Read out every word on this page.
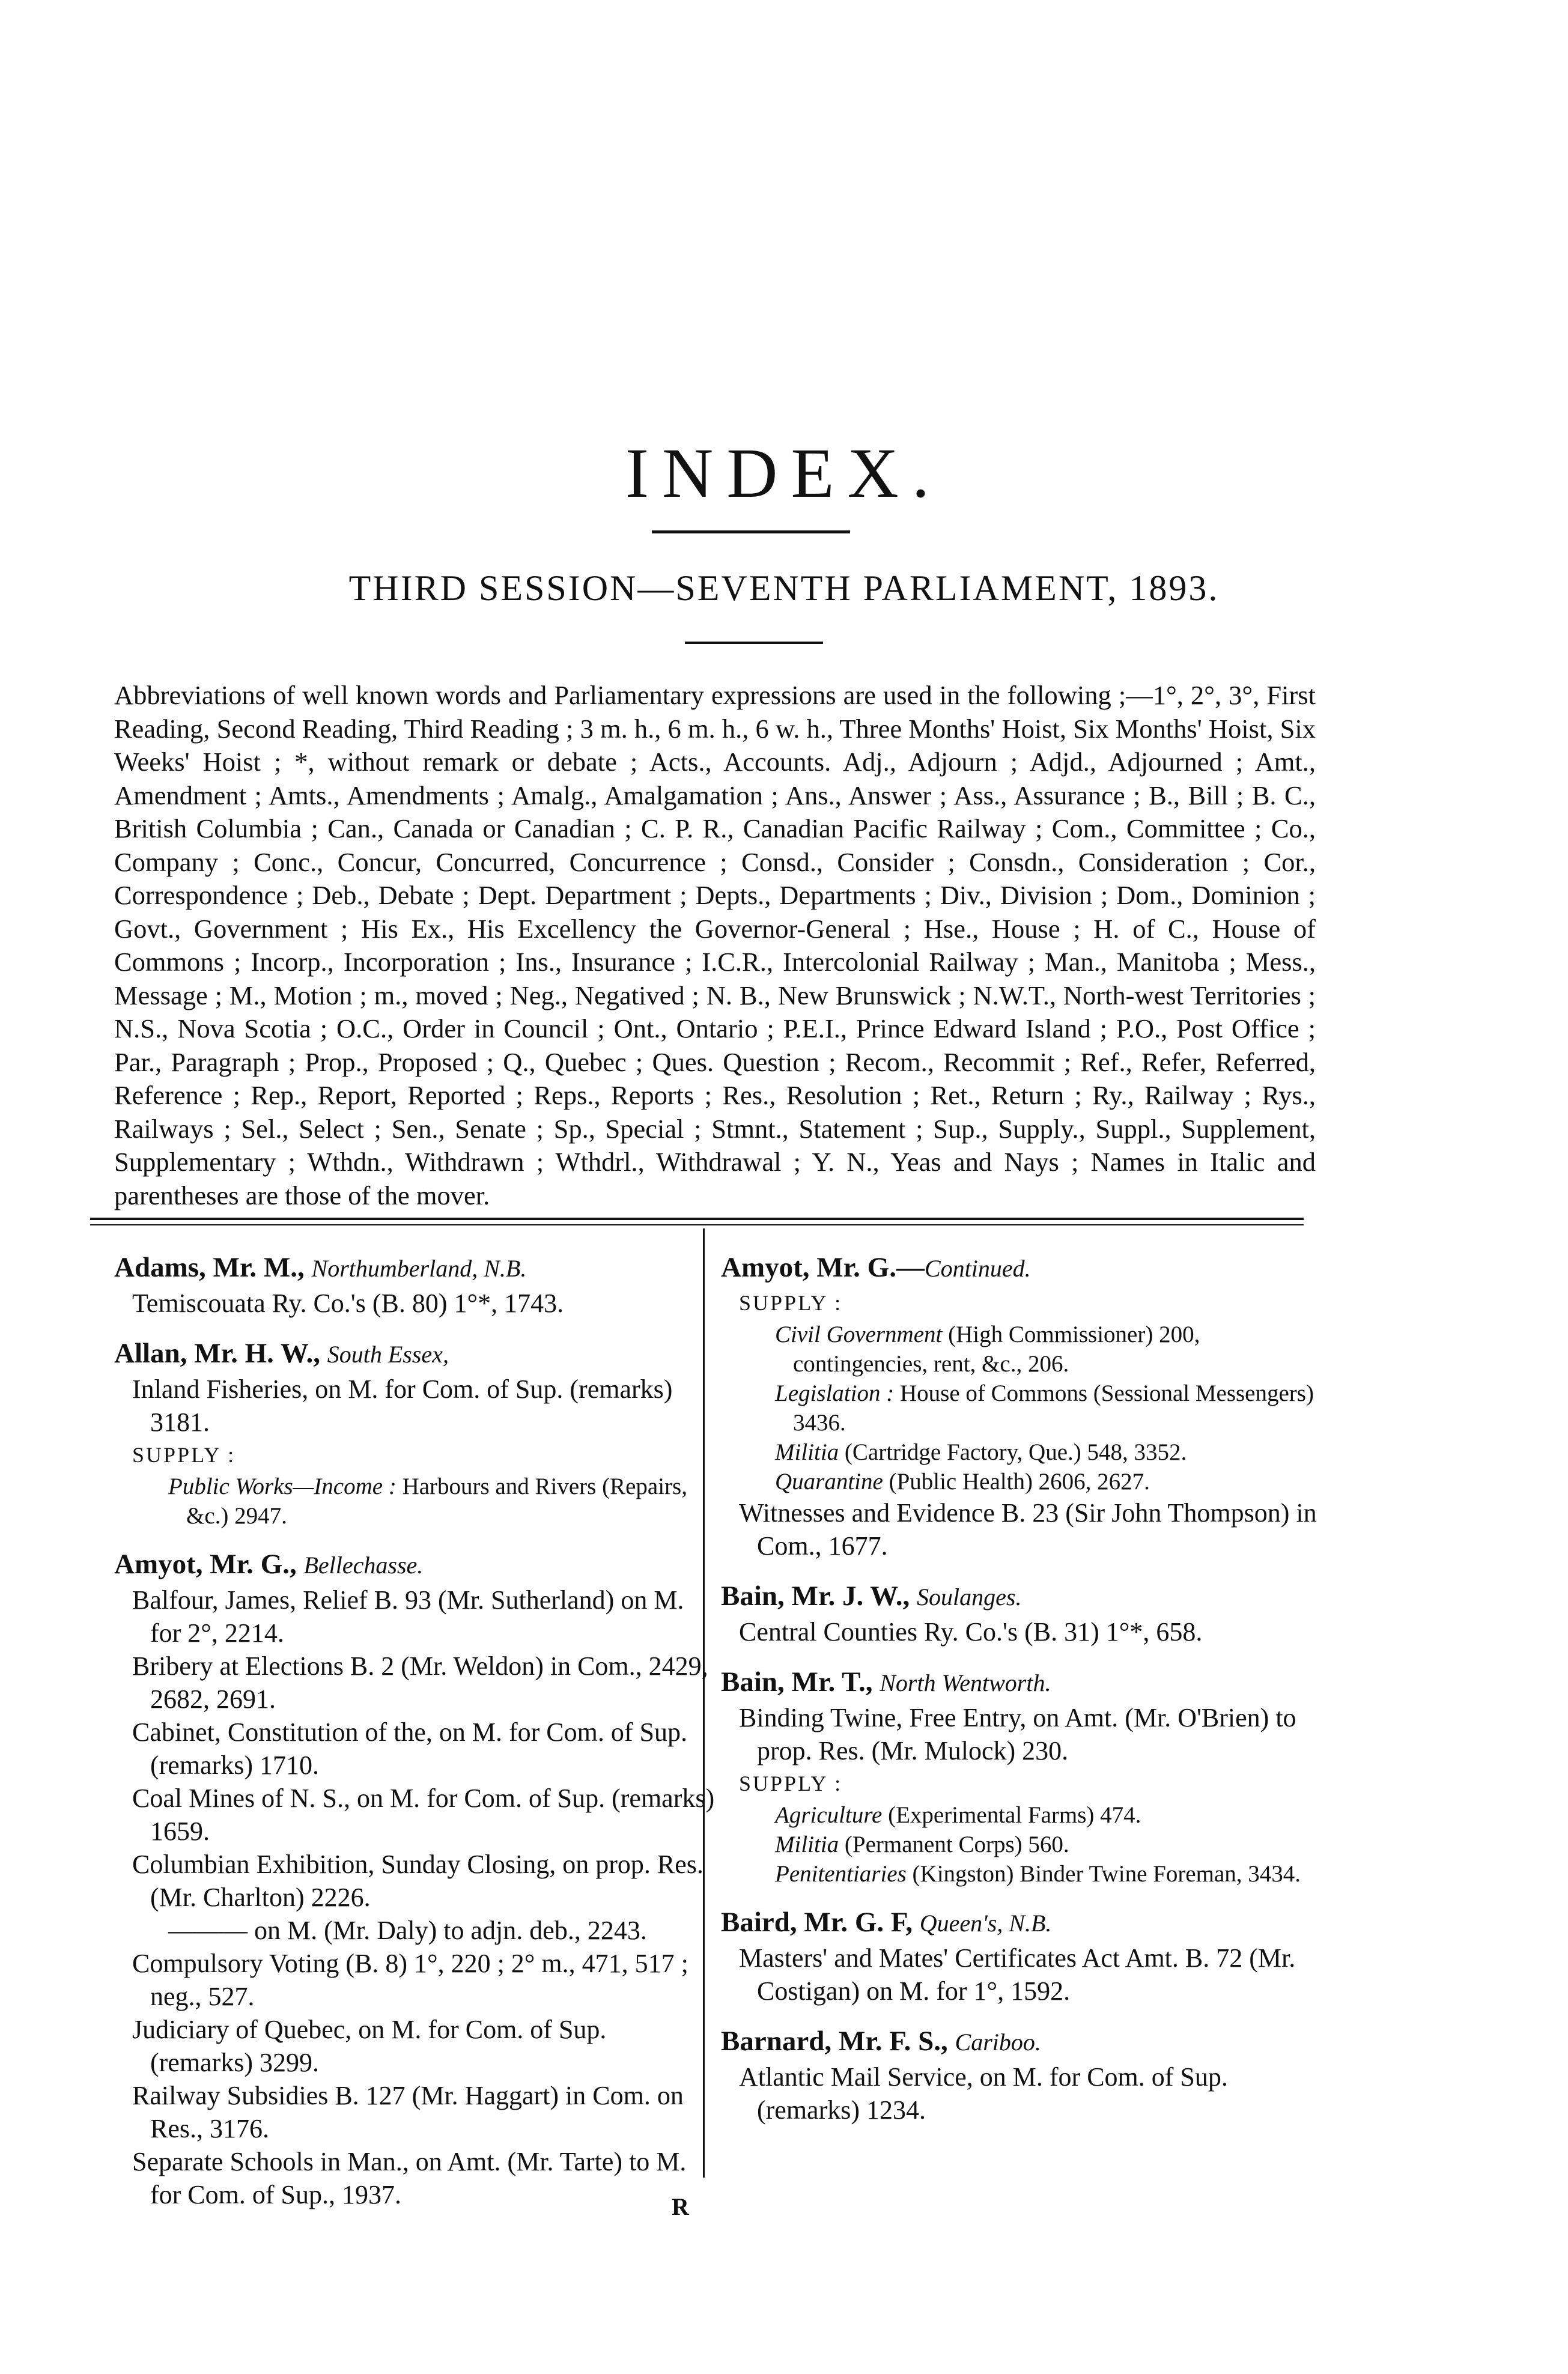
INDEX.
THIRD SESSION—SEVENTH PARLIAMENT, 1893.
Abbreviations of well known words and Parliamentary expressions are used in the following ;—1°, 2°, 3°, First Reading, Second Reading, Third Reading ; 3 m. h., 6 m. h., 6 w. h., Three Months' Hoist, Six Months' Hoist, Six Weeks' Hoist ; *, without remark or debate ; Acts., Accounts. Adj., Adjourn ; Adjd., Adjourned ; Amt., Amendment ; Amts., Amendments ; Amalg., Amalgamation ; Ans., Answer ; Ass., Assurance ; B., Bill ; B. C., British Columbia ; Can., Canada or Canadian ; C. P. R., Canadian Pacific Railway ; Com., Committee ; Co., Company ; Conc., Concur, Concurred, Concurrence ; Consd., Consider ; Consdn., Consideration ; Cor., Correspondence ; Deb., Debate ; Dept. Department ; Depts., Departments ; Div., Division ; Dom., Dominion ; Govt., Government ; His Ex., His Excellency the Governor-General ; Hse., House ; H. of C., House of Commons ; Incorp., Incorporation ; Ins., Insurance ; I.C.R., Intercolonial Railway ; Man., Manitoba ; Mess., Message ; M., Motion ; m., moved ; Neg., Negatived ; N. B., New Brunswick ; N.W.T., North-west Territories ; N.S., Nova Scotia ; O.C., Order in Council ; Ont., Ontario ; P.E.I., Prince Edward Island ; P.O., Post Office ; Par., Paragraph ; Prop., Proposed ; Q., Quebec ; Ques. Question ; Recom., Recommit ; Ref., Refer, Referred, Reference ; Rep., Report, Reported ; Reps., Reports ; Res., Resolution ; Ret., Return ; Ry., Railway ; Rys., Railways ; Sel., Select ; Sen., Senate ; Sp., Special ; Stmnt., Statement ; Sup., Supply., Suppl., Supplement, Supplementary ; Wthdn., Withdrawn ; Wthdrl., Withdrawal ; Y. N., Yeas and Nays ; Names in Italic and parentheses are those of the mover.
Adams, Mr. M., Northumberland, N.B.
Temiscouata Ry. Co.'s (B. 80) 1°*, 1743.
Allan, Mr. H. W., South Essex,
Inland Fisheries, on M. for Com. of Sup. (remarks) 3181.
SUPPLY :
Public Works—Income : Harbours and Rivers (Repairs, &c.) 2947.
Amyot, Mr. G., Bellechasse.
Balfour, James, Relief B. 93 (Mr. Sutherland) on M. for 2°, 2214.
Bribery at Elections B. 2 (Mr. Weldon) in Com., 2429, 2682, 2691.
Cabinet, Constitution of the, on M. for Com. of Sup. (remarks) 1710.
Coal Mines of N. S., on M. for Com. of Sup. (remarks) 1659.
Columbian Exhibition, Sunday Closing, on prop. Res. (Mr. Charlton) 2226.
——— on M. (Mr. Daly) to adjn. deb., 2243.
Compulsory Voting (B. 8) 1°, 220 ; 2° m., 471, 517 ; neg., 527.
Judiciary of Quebec, on M. for Com. of Sup. (remarks) 3299.
Railway Subsidies B. 127 (Mr. Haggart) in Com. on Res., 3176.
Separate Schools in Man., on Amt. (Mr. Tarte) to M. for Com. of Sup., 1937.
Amyot, Mr. G.—Continued.
SUPPLY :
Civil Government (High Commissioner) 200, contingencies, rent, &c., 206.
Legislation : House of Commons (Sessional Messengers) 3436.
Militia (Cartridge Factory, Que.) 548, 3352.
Quarantine (Public Health) 2606, 2627.
Witnesses and Evidence B. 23 (Sir John Thompson) in Com., 1677.
Bain, Mr. J. W., Soulanges.
Central Counties Ry. Co.'s (B. 31) 1°*, 658.
Bain, Mr. T., North Wentworth.
Binding Twine, Free Entry, on Amt. (Mr. O'Brien) to prop. Res. (Mr. Mulock) 230.
SUPPLY :
Agriculture (Experimental Farms) 474.
Militia (Permanent Corps) 560.
Penitentiaries (Kingston) Binder Twine Foreman, 3434.
Baird, Mr. G. F, Queen's, N.B.
Masters' and Mates' Certificates Act Amt. B. 72 (Mr. Costigan) on M. for 1°, 1592.
Barnard, Mr. F. S., Cariboo.
Atlantic Mail Service, on M. for Com. of Sup. (remarks) 1234.
R
